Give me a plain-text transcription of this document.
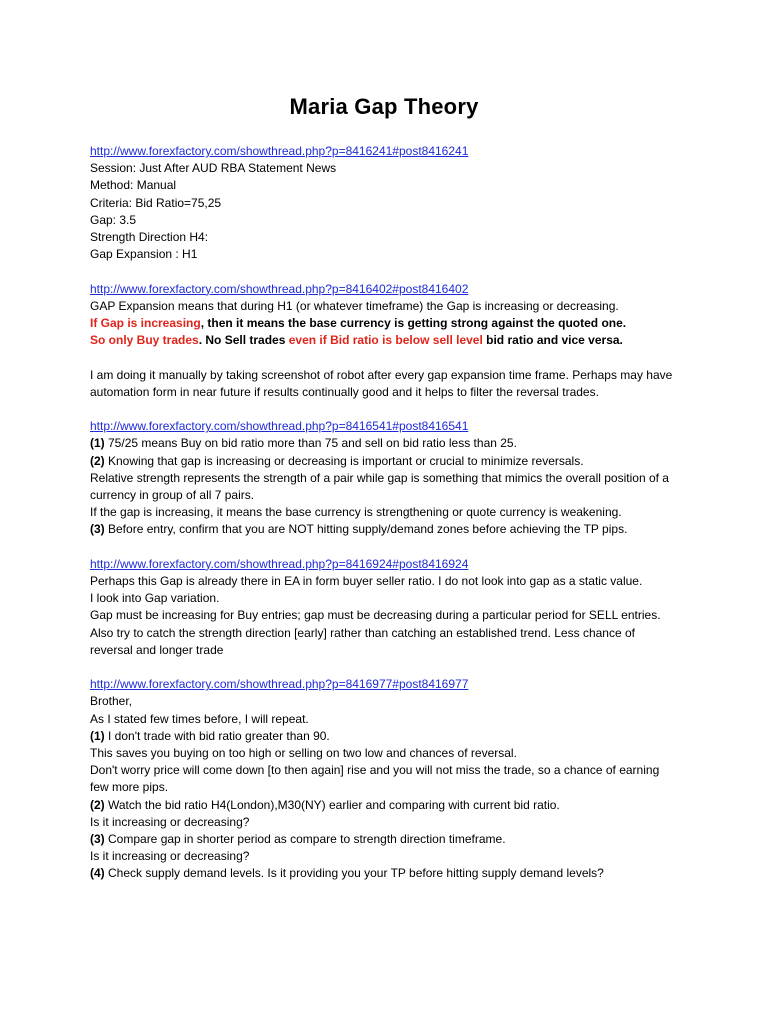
Maria Gap Theory
http://www.forexfactory.com/showthread.php?p=8416241#post8416241
Session: Just After AUD RBA Statement News
Method: Manual
Criteria: Bid Ratio=75,25
Gap: 3.5
Strength Direction H4:
Gap Expansion : H1
http://www.forexfactory.com/showthread.php?p=8416402#post8416402
GAP Expansion means that during H1 (or whatever timeframe) the Gap is increasing or decreasing.
If Gap is increasing, then it means the base currency is getting strong against the quoted one.
So only Buy trades. No Sell trades even if Bid ratio is below sell level bid ratio and vice versa.
I am doing it manually by taking screenshot of robot after every gap expansion time frame. Perhaps may have automation form in near future if results continually good and it helps to filter the reversal trades.
http://www.forexfactory.com/showthread.php?p=8416541#post8416541
(1) 75/25 means Buy on bid ratio more than 75 and sell on bid ratio less than 25.
(2) Knowing that gap is increasing or decreasing is important or crucial to minimize reversals.
Relative strength represents the strength of a pair while gap is something that mimics the overall position of a currency in group of all 7 pairs.
If the gap is increasing, it means the base currency is strengthening or quote currency is weakening.
(3) Before entry, confirm that you are NOT hitting supply/demand zones before achieving the TP pips.
http://www.forexfactory.com/showthread.php?p=8416924#post8416924
Perhaps this Gap is already there in EA in form buyer seller ratio. I do not look into gap as a static value.
I look into Gap variation.
Gap must be increasing for Buy entries; gap must be decreasing during a particular period for SELL entries.
Also try to catch the strength direction [early] rather than catching an established trend. Less chance of reversal and longer trade
http://www.forexfactory.com/showthread.php?p=8416977#post8416977
Brother,
As I stated few times before, I will repeat.
(1) I don't trade with bid ratio greater than 90.
This saves you buying on too high or selling on two low and chances of reversal.
Don't worry price will come down [to then again] rise and you will not miss the trade, so a chance of earning few more pips.
(2) Watch the bid ratio H4(London),M30(NY) earlier and comparing with current bid ratio.
Is it increasing or decreasing?
(3) Compare gap in shorter period as compare to strength direction timeframe.
Is it increasing or decreasing?
(4) Check supply demand levels. Is it providing you your TP before hitting supply demand levels?
